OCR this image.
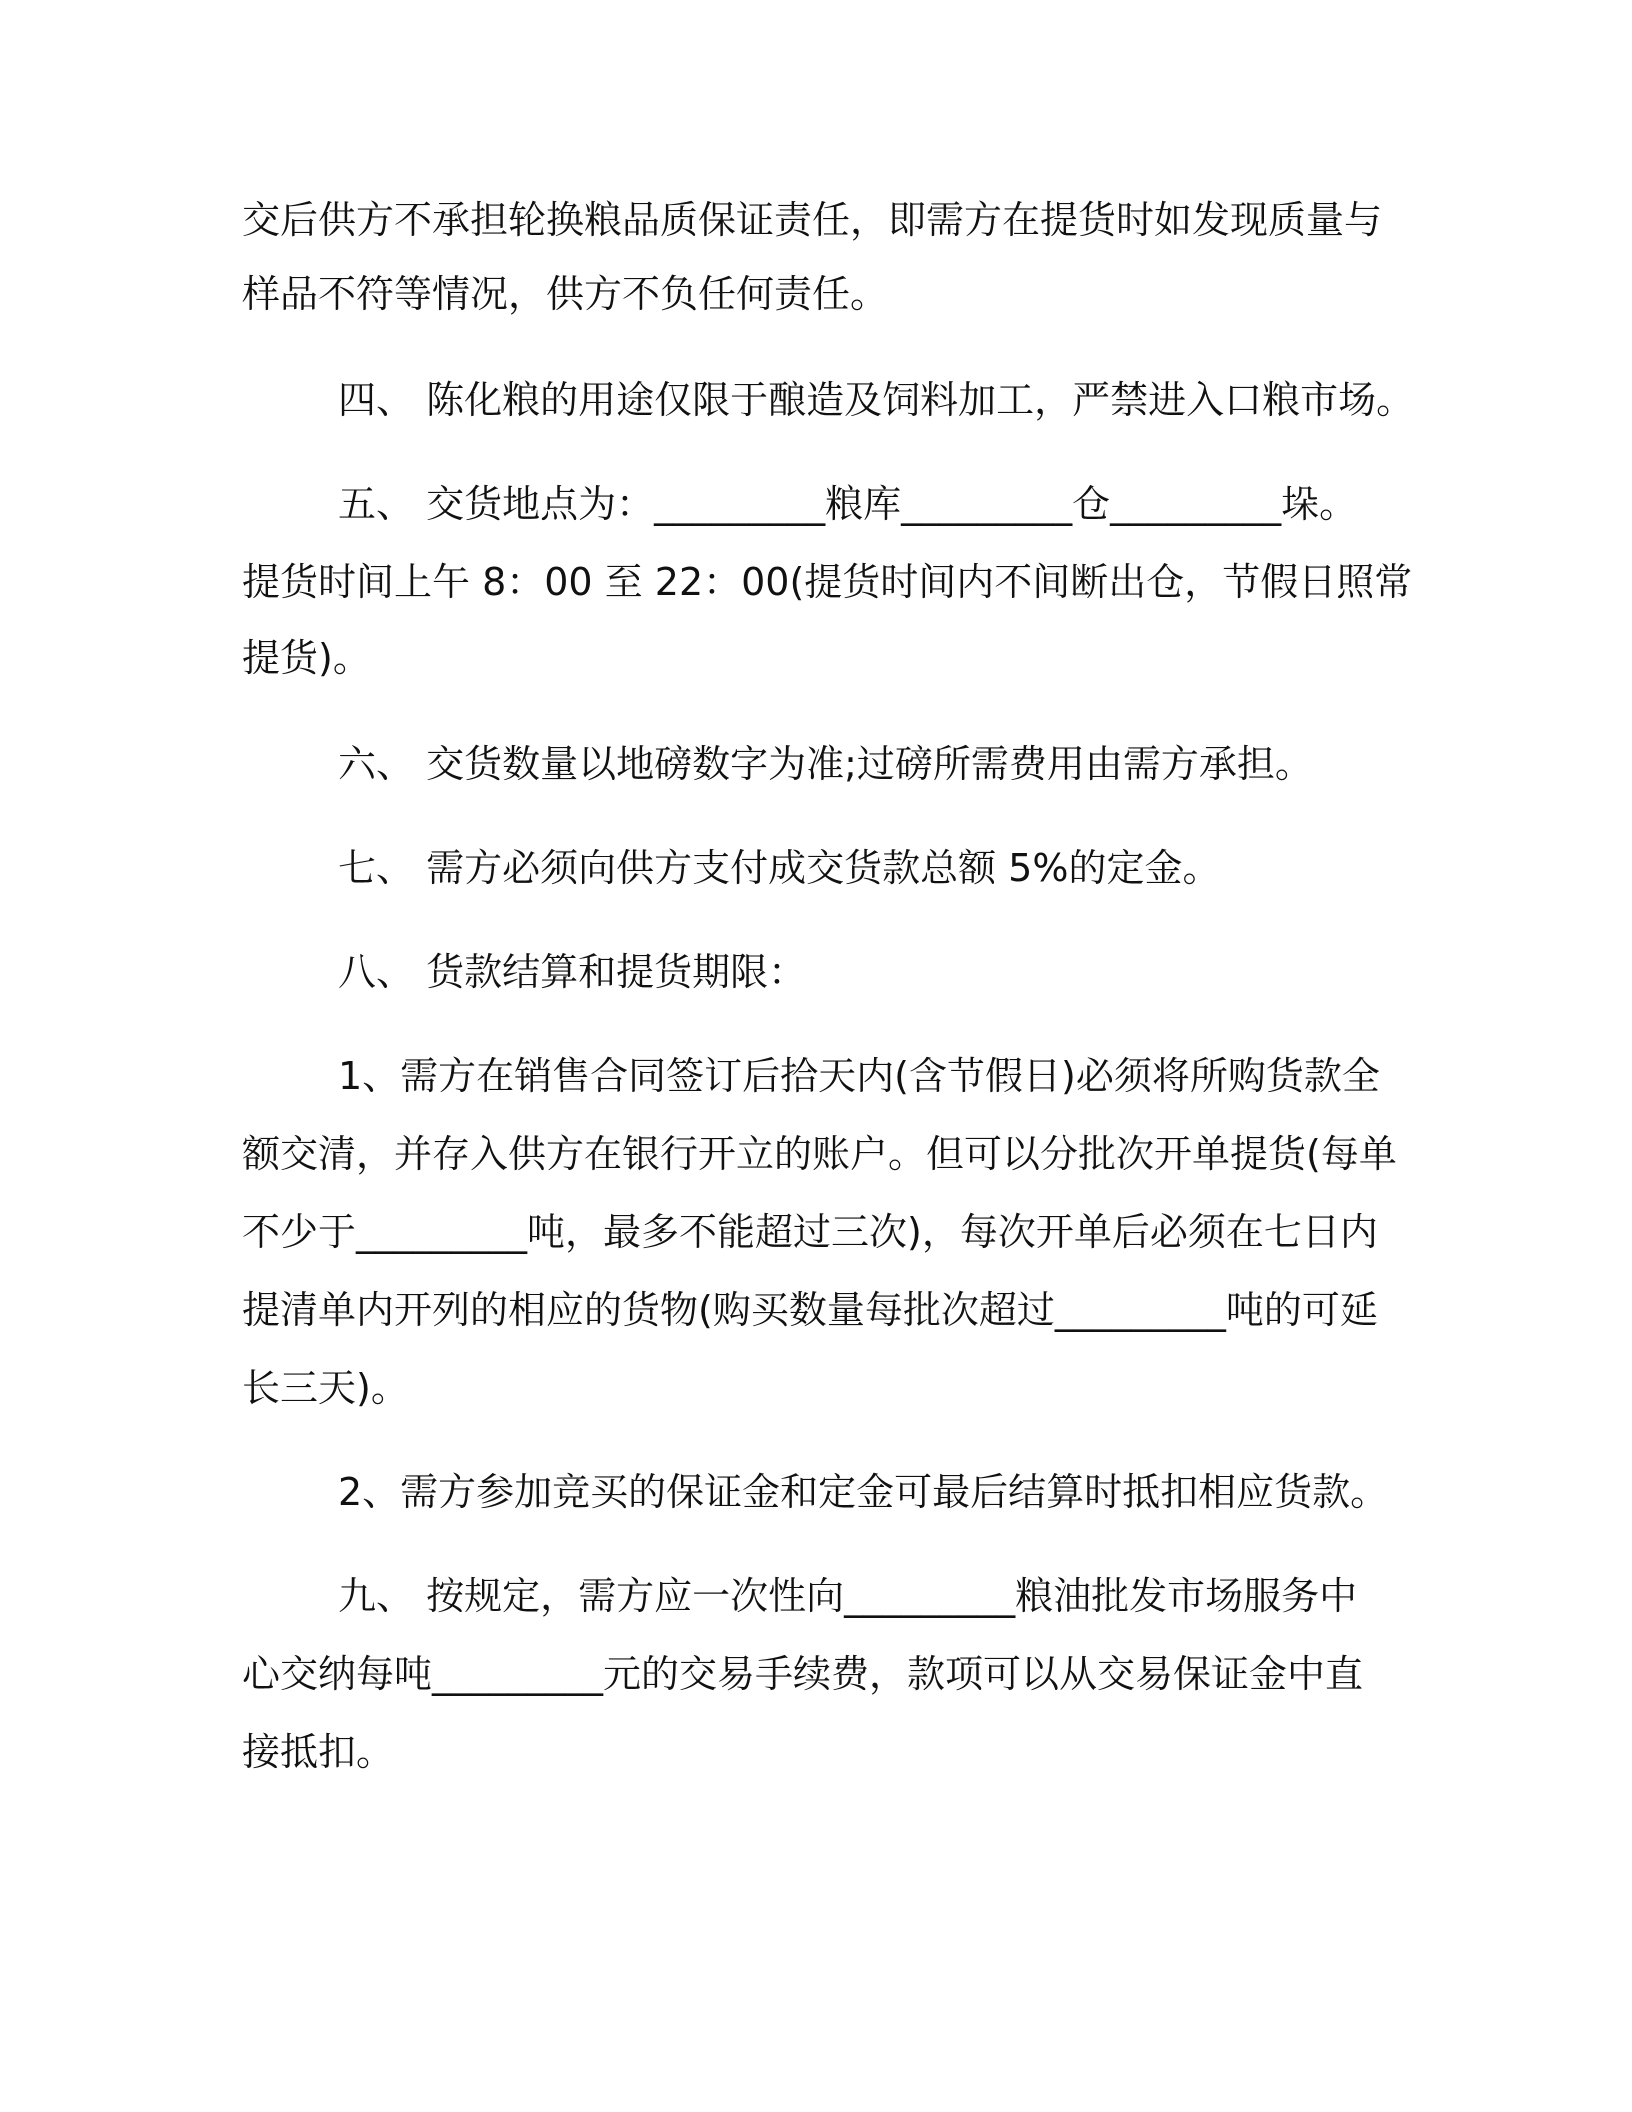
交后供方不承担轮换粮品质保证责任，即需方在提货时如发现质量与
样品不符等情况，供方不负任何责任。
四、 陈化粮的用途仅限于酿造及饲料加工，严禁进入口粮市场。
五、 交货地点为：_________粮库_________仓_________垛。
提货时间上午 8：00 至 22：00(提货时间内不间断出仓，节假日照常
提货)。
六、 交货数量以地磅数字为准;过磅所需费用由需方承担。
七、 需方必须向供方支付成交货款总额 5%的定金。
八、 货款结算和提货期限：
1、需方在销售合同签订后拾天内(含节假日)必须将所购货款全
额交清，并存入供方在银行开立的账户。但可以分批次开单提货(每单
不少于_________吨，最多不能超过三次)，每次开单后必须在七日内
提清单内开列的相应的货物(购买数量每批次超过_________吨的可延
长三天)。
2、需方参加竞买的保证金和定金可最后结算时抵扣相应货款。
九、 按规定，需方应一次性向_________粮油批发市场服务中
心交纳每吨_________元的交易手续费，款项可以从交易保证金中直
接抵扣。
